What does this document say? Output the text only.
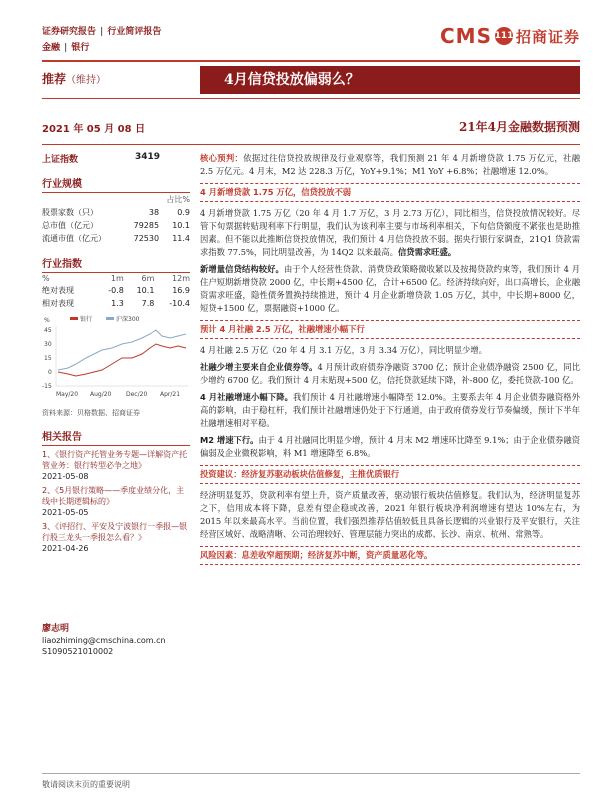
证券研究报告 | 行业简评报告
金融 | 银行	CMS 111 招商证券
推荐（维持）	4月信贷投放偏弱么？
2021 年 05 月 08 日	21年4月金融数据预测
上证指数	3419
行业规模
		占比%
股票家数（只）	38	0.9
总市值（亿元）	79285	10.1
流通市值（亿元）	72530	11.4
行业指数
%	1m	6m	12m
绝对表现	-0.8	10.1	16.9
相对表现	1.3	7.8	-10.4
%
45
30
15
0
-15
银行	沪深300
May/20 Aug/20 Dec/20 Apr/21
资料来源：贝格数据、招商证券
相关报告
1、《银行资产托管业务专题—详解资产托管业务：银行转型必争之地》
2021-05-08
2、《5月银行策略——季度业绩分化，主线中长期逻辑标的》
2021-05-05
3、《评招行、平安及宁波银行一季报—银行股三龙头一季报怎么看？》
2021-04-26
廖志明
liaozhiming@cmschina.com.cn
S1090521010002

核心预判：依据过往信贷投放规律及行业观察等，我们预测 21 年 4 月新增贷款 1.75 万亿元，社融 2.5 万亿元。4 月末，M2 达 228.3 万亿，YoY+9.1%；M1 YoY +6.8%；社融增速 12.0%。

4 月新增贷款 1.75 万亿，信贷投放不弱

4 月新增贷款 1.75 万亿（20 年 4 月 1.7 万亿，3 月 2.73 万亿），同比相当，信贷投放情况较好。尽管下旬票据转贴现利率下行明显，我们认为该利率主要与市场利率相关，下旬信贷额度不紧张也是助推因素。但不能以此推断信贷投放情况，我们预计 4 月信贷投放不弱。据央行银行家调查，21Q1 贷款需求指数 77.5%，同比明显改善，为 14Q2 以来最高。信贷需求旺盛。

新增量信贷结构较好。由于个人经营性贷款、消费贷政策略微收紧以及按揭贷款约束等，我们预计 4 月住户短期新增贷款 2000 亿，中长期+4500 亿，合计+6500 亿。经济持续向好，出口高增长，企业融资需求旺盛，隐性债务置换持续推进，预计 4 月企业新增贷款 1.05 万亿，其中，中长期+8000 亿，短贷+1500 亿，票据融资+1000 亿。

预计 4 月社融 2.5 万亿，社融增速小幅下行

4 月社融 2.5 万亿（20 年 4 月 3.1 万亿，3 月 3.34 万亿），同比明显少增。

社融少增主要来自企业债券等。4 月预计政府债券净融资 3700 亿；预计企业债净融资 2500 亿，同比少增约 6700 亿。我们预计 4 月末贴现+500 亿，信托贷款延续下降，补-800 亿，委托贷款-100 亿。

4 月社融增速小幅下降。我们预计 4 月社融增速小幅降至 12.0%。主要系去年 4 月企业债券融资格外高的影响，由于稳杠杆，我们预计社融增速仍处于下行通道，由于政府债券发行节奏偏缓，预计下半年社融增速相对平稳。

M2 增速下行。由于 4 月社融同比明显少增，预计 4 月末 M2 增速环比降至 9.1%；由于企业债券融资偏弱及企业微税影响，料 M1 增速降至 6.8%。

投资建议：经济复苏驱动板块估值修复，主推优质银行

经济明显复苏，贷款利率有望上升，资产质量改善，驱动银行板块估值修复。我们认为，经济明显复苏之下，信用成本将下降，息差有望企稳或改善，2021 年银行板块净利润增速有望达 10%左右，为 2015 年以来最高水平。当前位置，我们强烈推荐估值较低且具备长逻辑的兴业银行及平安银行，关注经营区域好、战略清晰、公司治理较好、管理层能力突出的成都、长沙、南京、杭州、常熟等。

风险因素：息差收窄超预期；经济复苏中断，资产质量恶化等。
敬请阅读末页的重要说明
